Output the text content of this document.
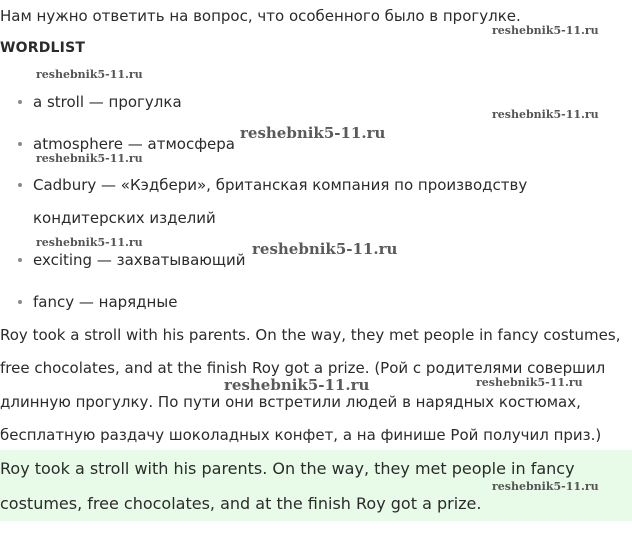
Нам нужно ответить на вопрос, что особенного было в прогулке.
WORDLIST
a stroll — прогулка
atmosphere — атмосфера
Cadbury — «Кэдбери», британская компания по производству
кондитерских изделий
exciting — захватывающий
fancy — нарядные
Roy took a stroll with his parents. On the way, they met people in fancy costumes,
free chocolates, and at the finish Roy got a prize. (Рой с родителями совершил
длинную прогулку. По пути они встретили людей в нарядных костюмах,
бесплатную раздачу шоколадных конфет, а на финише Рой получил приз.)
Roy took a stroll with his parents. On the way, they met people in fancy
costumes, free chocolates, and at the finish Roy got a prize.
reshebnik5-11.ru
reshebnik5-11.ru
reshebnik5-11.ru
reshebnik5-11.ru
reshebnik5-11.ru
reshebnik5-11.ru	reshebnik5-11.ru
reshebnik5-11.ru	reshebnik5-11.ru
reshebnik5-11.ru
